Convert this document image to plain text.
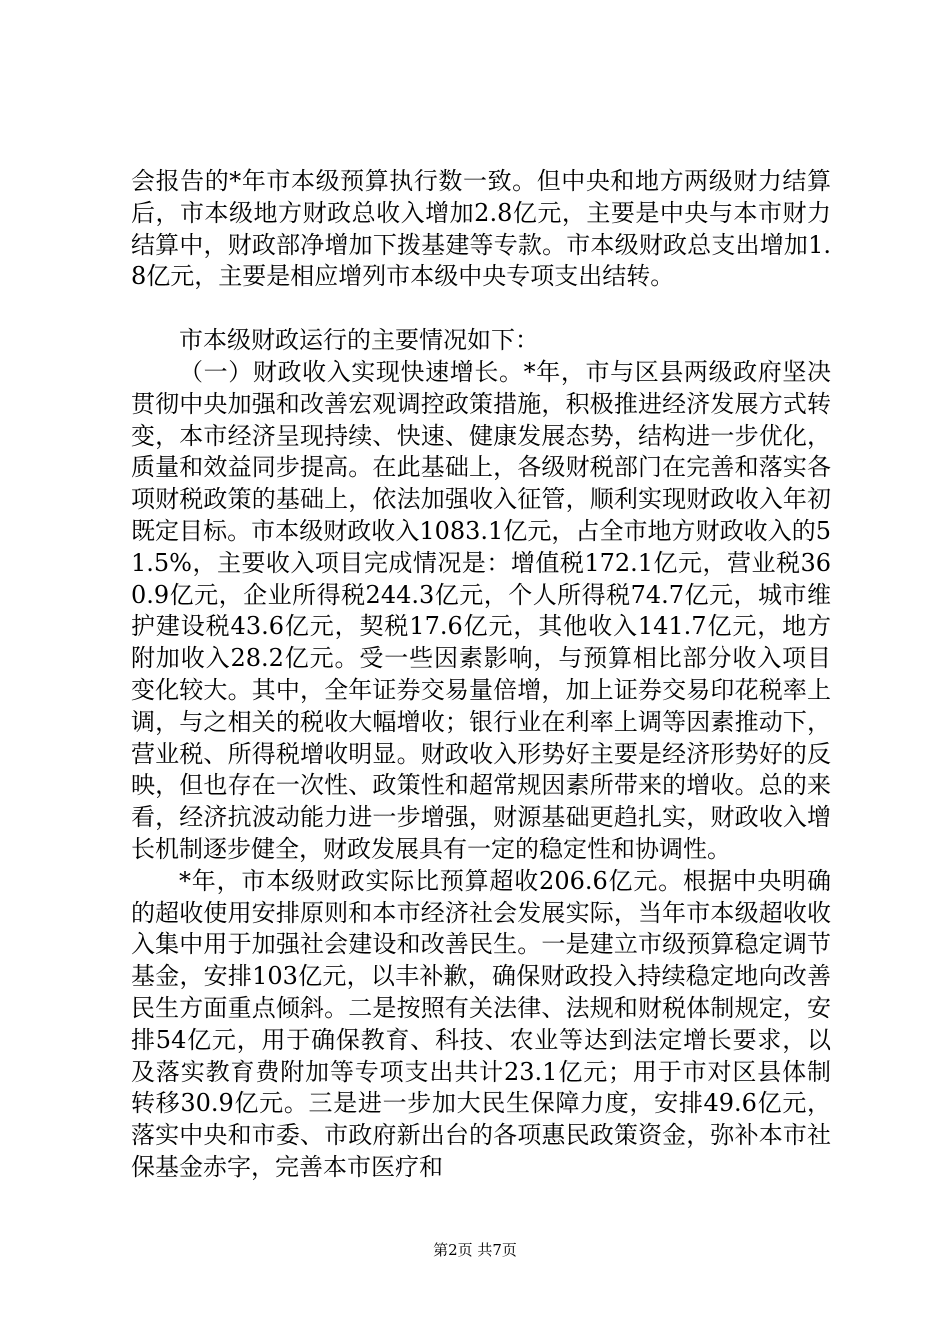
会报告的*年市本级预算执行数一致。但中央和地方两级财力结算后，市本级地方财政总收入增加2.8亿元，主要是中央与本市财力结算中，财政部净增加下拨基建等专款。市本级财政总支出增加1.8亿元，主要是相应增列市本级中央专项支出结转。

市本级财政运行的主要情况如下：

（一）财政收入实现快速增长。*年，市与区县两级政府坚决贯彻中央加强和改善宏观调控政策措施，积极推进经济发展方式转变，本市经济呈现持续、快速、健康发展态势，结构进一步优化，质量和效益同步提高。在此基础上，各级财税部门在完善和落实各项财税政策的基础上，依法加强收入征管，顺利实现财政收入年初既定目标。市本级财政收入1083.1亿元，占全市地方财政收入的51.5%，主要收入项目完成情况是：增值税172.1亿元，营业税360.9亿元，企业所得税244.3亿元，个人所得税74.7亿元，城市维护建设税43.6亿元，契税17.6亿元，其他收入141.7亿元，地方附加收入28.2亿元。受一些因素影响，与预算相比部分收入项目变化较大。其中，全年证券交易量倍增，加上证券交易印花税率上调，与之相关的税收大幅增收；银行业在利率上调等因素推动下，营业税、所得税增收明显。财政收入形势好主要是经济形势好的反映，但也存在一次性、政策性和超常规因素所带来的增收。总的来看，经济抗波动能力进一步增强，财源基础更趋扎实，财政收入增长机制逐步健全，财政发展具有一定的稳定性和协调性。

*年，市本级财政实际比预算超收206.6亿元。根据中央明确的超收使用安排原则和本市经济社会发展实际，当年市本级超收收入集中用于加强社会建设和改善民生。一是建立市级预算稳定调节基金，安排103亿元，以丰补歉，确保财政投入持续稳定地向改善民生方面重点倾斜。二是按照有关法律、法规和财税体制规定，安排54亿元，用于确保教育、科技、农业等达到法定增长要求，以及落实教育费附加等专项支出共计23.1亿元；用于市对区县体制转移30.9亿元。三是进一步加大民生保障力度，安排49.6亿元，落实中央和市委、市政府新出台的各项惠民政策资金，弥补本市社保基金赤字，完善本市医疗和

第2页 共7页
